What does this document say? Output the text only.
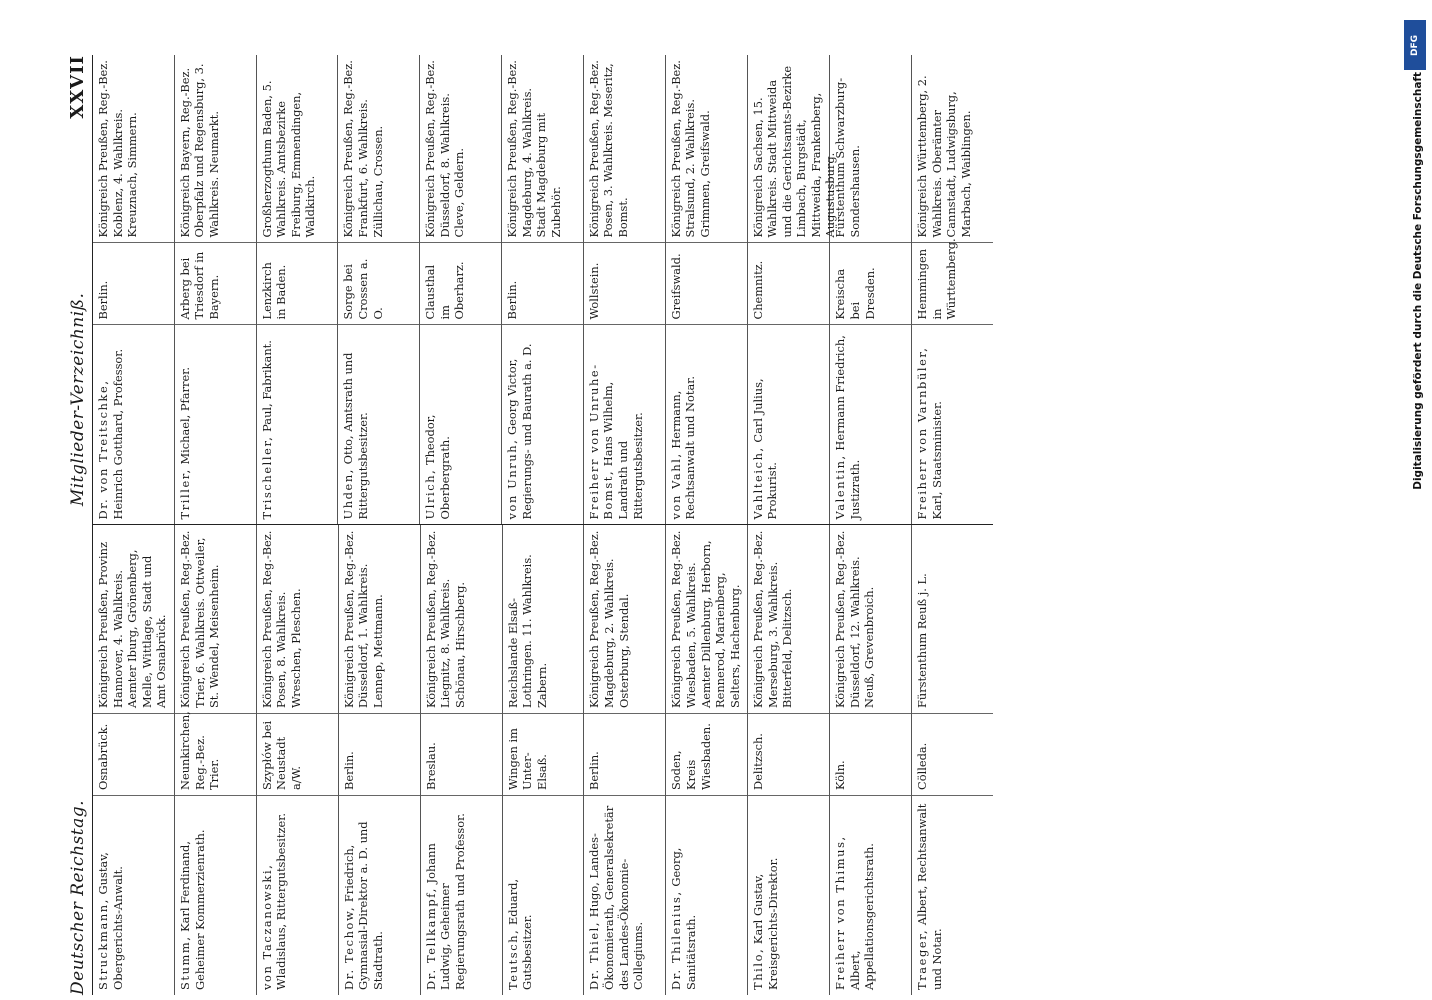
Deutscher Reichstag.
Mitglieder-Verzeichniß.
XXVII
Struckmann, Gustav, Obergerichts-Anwalt.
Osnabrück.
Königreich Preußen, Provinz Hannover, 4. Wahlkreis. Aemter Iburg, Grönenberg, Melle, Wittlage, Stadt und Amt Osnabrück.
Stumm, Karl Ferdinand, Geheimer Kommerzienrath.
Neunkirchen, Reg.-Bez. Trier.
Königreich Preußen, Reg.-Bez. Trier, 6. Wahlkreis. Ottweiler, St. Wendel, Meisenheim.
von Taczanowski, Wladislaus, Rittergutsbesitzer.
Szypłów bei Neustadt a/W.
Königreich Preußen, Reg.-Bez. Posen, 8. Wahlkreis. Wreschen, Pleschen.
Dr. Techow, Friedrich, Gymnasial-Direktor a. D. und Stadtrath.
Berlin.
Königreich Preußen, Reg.-Bez. Düsseldorf, 1. Wahlkreis. Lennep, Mettmann.
Dr. Tellkampf, Johann Ludwig, Geheimer Regierungsrath und Professor.
Breslau.
Königreich Preußen, Reg.-Bez. Liegnitz, 8. Wahlkreis. Schönau, Hirschberg.
Teutsch, Eduard, Gutsbesitzer.
Wingen im Unter-Elsaß.
Reichslande Elsaß-Lothringen. 11. Wahlkreis. Zabern.
Dr. Thiel, Hugo, Landes-Ökonomierath, Generalsekretär des Landes-Ökonomie-Collegiums.
Berlin.
Königreich Preußen, Reg.-Bez. Magdeburg, 2. Wahlkreis. Osterburg, Stendal.
Dr. Thilenius, Georg, Sanitätsrath.
Soden, Kreis Wiesbaden.
Königreich Preußen, Reg.-Bez. Wiesbaden, 5. Wahlkreis. Aemter Dillenburg, Herborn, Rennerod, Marienberg, Selters, Hachenburg.
Thilo, Karl Gustav, Kreisgerichts-Direktor.
Delitzsch.
Königreich Preußen, Reg.-Bez. Merseburg, 3. Wahlkreis. Bitterfeld, Delitzsch.
Freiherr von Thimus, Albert, Appellationsgerichtsrath.
Köln.
Königreich Preußen, Reg.-Bez. Düsseldorf, 12. Wahlkreis. Neuß, Grevenbroich.
Traeger, Albert, Rechtsanwalt und Notar.
Cölleda.
Fürstenthum Reuß j. L.
Dr. von Treitschke, Heinrich Gotthard, Professor.
Berlin.
Königreich Preußen, Reg.-Bez. Koblenz, 4. Wahlkreis. Kreuznach, Simmern.
Triller, Michael, Pfarrer.
Arberg bei Triesdorf in Bayern.
Königreich Bayern, Reg.-Bez. Oberpfalz und Regensburg, 3. Wahlkreis. Neumarkt.
Trischeller, Paul, Fabrikant.
Lenzkirch in Baden.
Großherzogthum Baden, 5. Wahlkreis. Amtsbezirke Freiburg, Emmendingen, Waldkirch.
Uhden, Otto, Amtsrath und Rittergutsbesitzer.
Sorge bei Crossen a. O.
Königreich Preußen, Reg.-Bez. Frankfurt, 6. Wahlkreis. Züllichau, Crossen.
Ulrich, Theodor, Oberbergrath.
Clausthal im Oberharz.
Königreich Preußen, Reg.-Bez. Düsseldorf, 8. Wahlkreis. Cleve, Geldern.
von Unruh, Georg Victor, Regierungs- und Baurath a. D.
Berlin.
Königreich Preußen, Reg.-Bez. Magdeburg, 4. Wahlkreis. Stadt Magdeburg mit Zubehör.
Freiherr von Unruhe-Bomst, Hans Wilhelm, Landrath und Rittergutsbesitzer.
Wollstein.
Königreich Preußen, Reg.-Bez. Posen, 3. Wahlkreis. Meseritz, Bomst.
von Vahl, Hermann, Rechtsanwalt und Notar.
Greifswald.
Königreich Preußen, Reg.-Bez. Stralsund, 2. Wahlkreis. Grimmen, Greifswald.
Vahlteich, Carl Julius, Prokurist.
Chemnitz.
Königreich Sachsen, 15. Wahlkreis. Stadt Mittweida und die Gerichtsamts-Bezirke Limbach, Burgstädt, Mittweida, Frankenberg, Augustusburg.
Valentin, Hermann Friedrich, Justizrath.
Kreischa bei Dresden.
Fürstenthum Schwarzburg-Sondershausen.
Freiherr von Varnbüler, Karl, Staatsminister.
Hemmingen in Württemberg.
Königreich Württemberg, 2. Wahlkreis. Oberämter Cannstadt, Ludwigsburg, Marbach, Waiblingen.
DFG
Digitalisierung gefördert durch die Deutsche Forschungsgemeinschaft
